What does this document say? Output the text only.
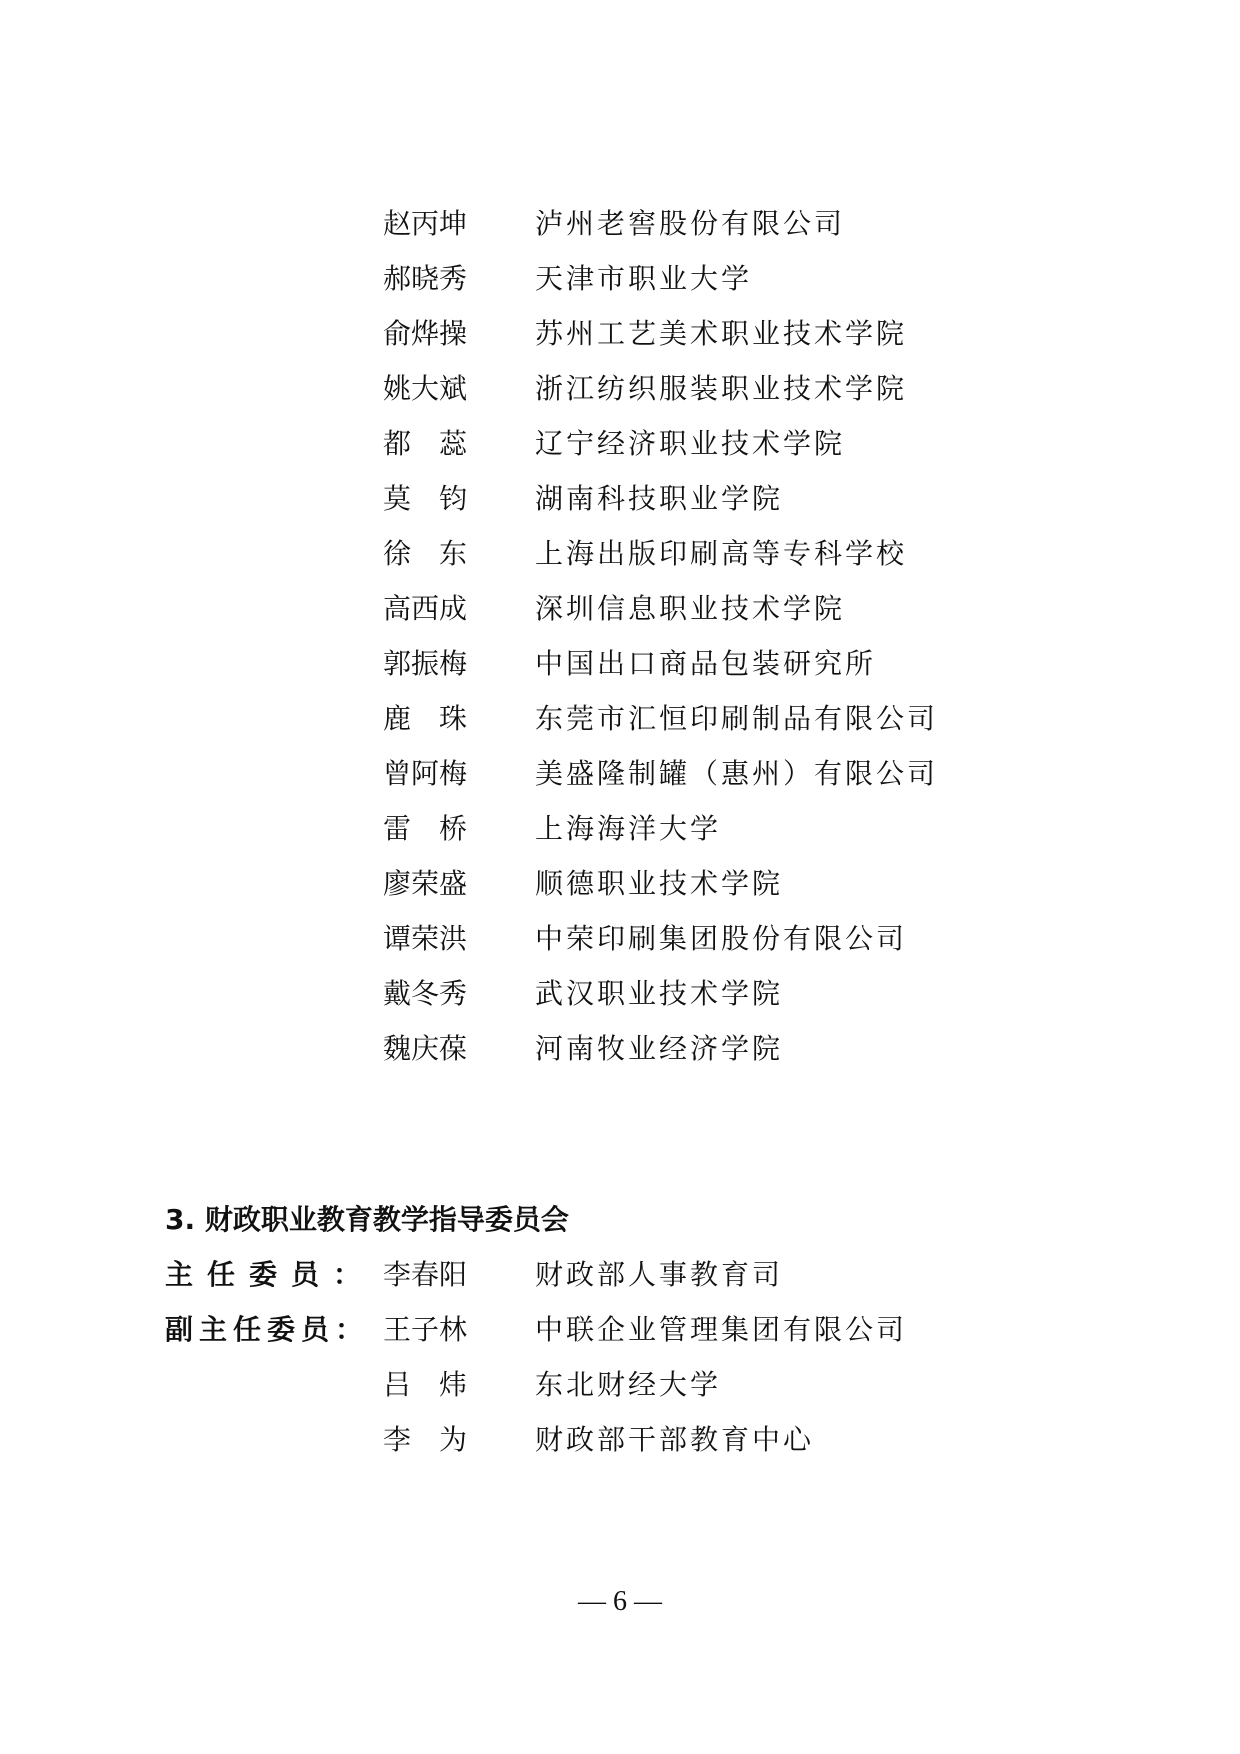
赵丙坤 泸州老窖股份有限公司
郝晓秀 天津市职业大学
俞烨操 苏州工艺美术职业技术学院
姚大斌 浙江纺织服装职业技术学院
都　蕊 辽宁经济职业技术学院
莫　钧 湖南科技职业学院
徐　东 上海出版印刷高等专科学校
高西成 深圳信息职业技术学院
郭振梅 中国出口商品包装研究所
鹿　珠 东莞市汇恒印刷制品有限公司
曾阿梅 美盛隆制罐（惠州）有限公司
雷　桥 上海海洋大学
廖荣盛 顺德职业技术学院
谭荣洪 中荣印刷集团股份有限公司
戴冬秀 武汉职业技术学院
魏庆葆 河南牧业经济学院
3. 财政职业教育教学指导委员会
主任委员： 李春阳 财政部人事教育司
副主任委员： 王子林 中联企业管理集团有限公司
吕　炜 东北财经大学
李　为 财政部干部教育中心
— 6 —
